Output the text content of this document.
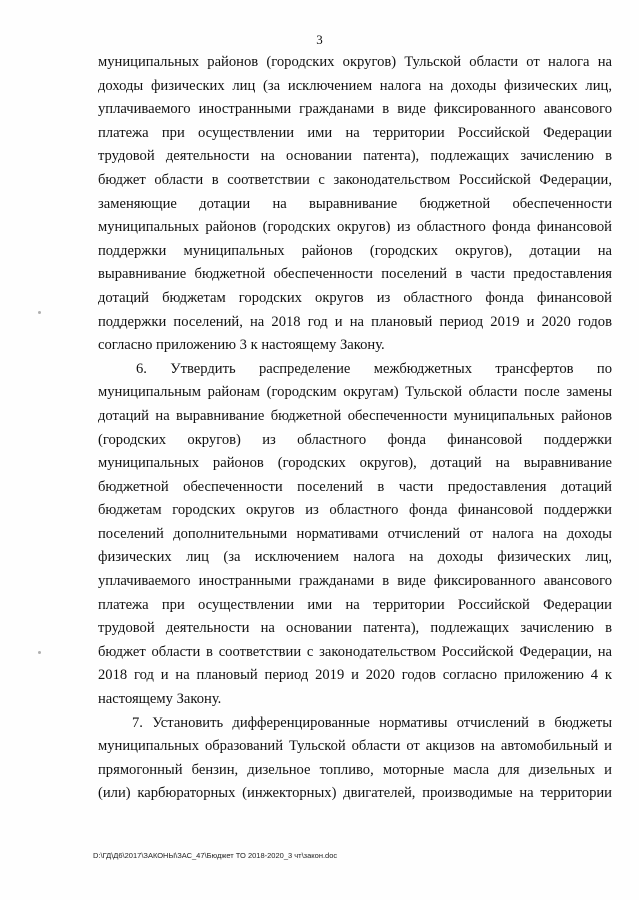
3
муниципальных районов (городских округов) Тульской области от налога на
доходы физических лиц (за исключением налога на доходы физических лиц,
уплачиваемого иностранными гражданами в виде фиксированного авансового
платежа при осуществлении ими на территории Российской Федерации
трудовой деятельности на основании патента), подлежащих зачислению в
бюджет области в соответствии с законодательством Российской Федерации,
заменяющие дотации на выравнивание бюджетной обеспеченности
муниципальных районов (городских округов) из областного фонда финансовой
поддержки муниципальных районов (городских округов), дотации на
выравнивание бюджетной обеспеченности поселений в части предоставления
дотаций бюджетам городских округов из областного фонда финансовой
поддержки поселений, на 2018 год и на плановый период 2019 и 2020 годов
согласно приложению 3 к настоящему Закону.
6. Утвердить распределение межбюджетных трансфертов по
муниципальным районам (городским округам) Тульской области после замены
дотаций на выравнивание бюджетной обеспеченности муниципальных районов
(городских округов) из областного фонда финансовой поддержки
муниципальных районов (городских округов), дотаций на выравнивание
бюджетной обеспеченности поселений в части предоставления дотаций
бюджетам городских округов из областного фонда финансовой поддержки
поселений дополнительными нормативами отчислений от налога на доходы
физических лиц (за исключением налога на доходы физических лиц,
уплачиваемого иностранными гражданами в виде фиксированного авансового
платежа при осуществлении ими на территории Российской Федерации
трудовой деятельности на основании патента), подлежащих зачислению в
бюджет области в соответствии с законодательством Российской Федерации, на
2018 год и на плановый период 2019 и 2020 годов согласно приложению 4 к
настоящему Закону.
7. Установить дифференцированные нормативы отчислений в бюджеты
муниципальных образований Тульской области от акцизов на автомобильный и
прямогонный бензин, дизельное топливо, моторные масла для дизельных и
(или) карбюраторных (инжекторных) двигателей, производимые на территории
D:\ГД\Д6\2017\ЗАКОНЫ\ЗАС_47\Бюджет ТО 2018-2020_3 чт\закон.doc
